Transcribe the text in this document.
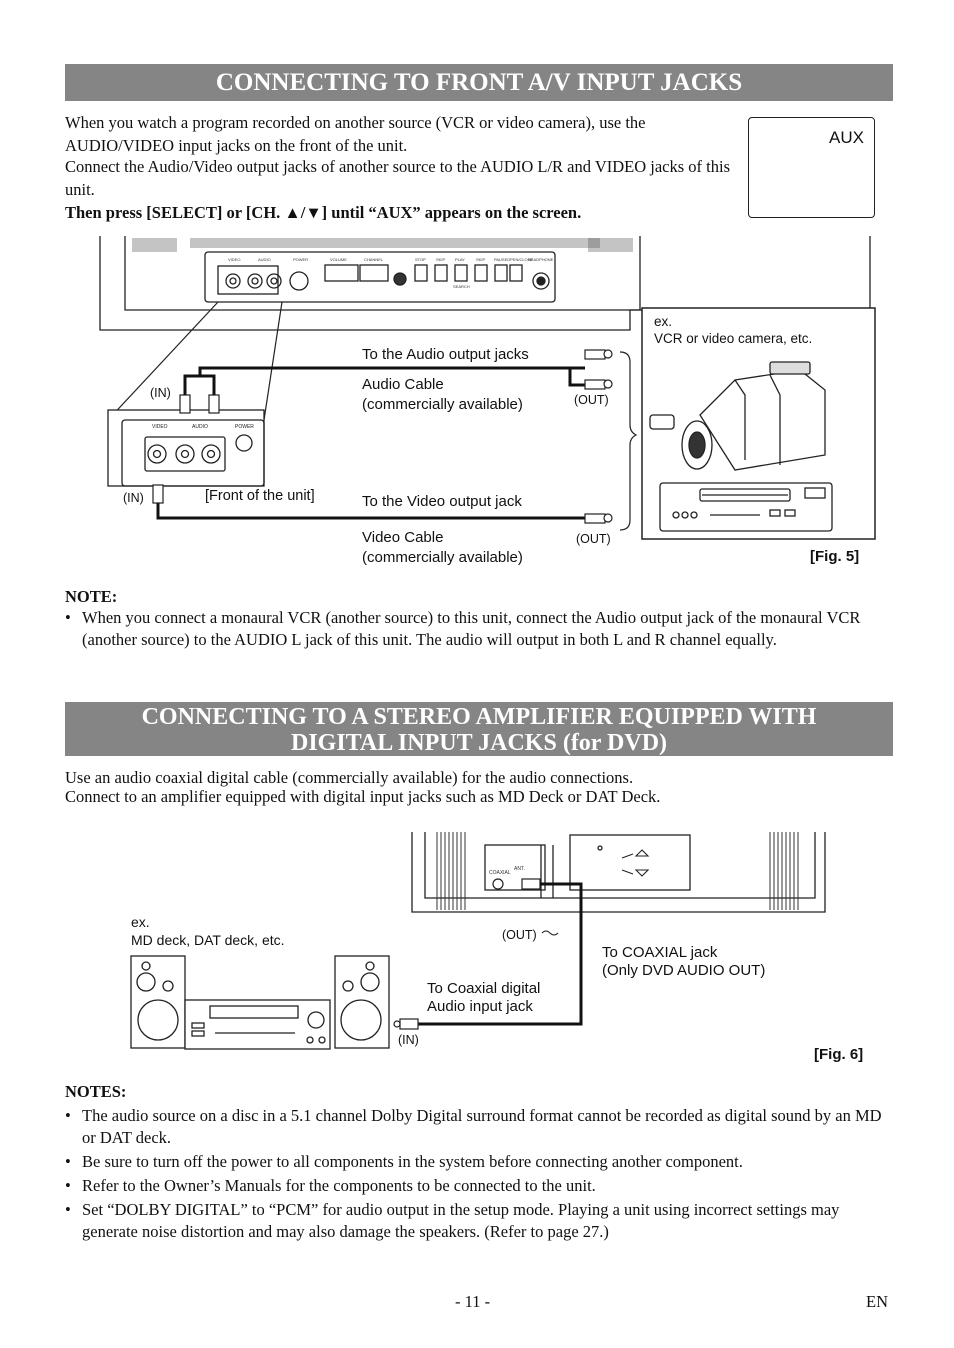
CONNECTING TO FRONT A/V INPUT JACKS
When you watch a program recorded on another source (VCR or video camera), use the AUDIO/VIDEO input jacks on the front of the unit.
Connect the Audio/Video output jacks of another source to the AUDIO L/R and VIDEO jacks of this unit.
Then press [SELECT] or [CH. ▲/▼] until “AUX” appears on the screen.
AUX
VIDEO	AUDIO	POWER	VOLUME	CHANNEL	STOP	SKIP PLAY	SKIP PAUSE OPEN/CLOSE
HEADPHONE
SEARCH
VIDEO	AUDIO	POWER
(IN)
(IN)	[Front of the unit]
To the Audio output jacks
Audio Cable
(commercially available)	(OUT)
To the Video output jack
Video Cable
(commercially available)
(OUT)
ex.
VCR or video camera, etc.
[Fig. 5]
NOTE:
• When you connect a monaural VCR (another source) to this unit, connect the Audio output jack of the monaural VCR (another source) to the AUDIO L jack of this unit. The audio will output in both L and R channel equally.
CONNECTING TO A STEREO AMPLIFIER EQUIPPED WITH
DIGITAL INPUT JACKS (for DVD)
Use an audio coaxial digital cable (commercially available) for the audio connections.
Connect to an amplifier equipped with digital input jacks such as MD Deck or DAT Deck.
COAXIAL
ANT.
ex.
MD deck, DAT deck, etc.	(OUT)
To COAXIAL jack
(Only DVD AUDIO OUT)
To Coaxial digital
Audio input jack
(IN)
[Fig. 6]
NOTES:
• The audio source on a disc in a 5.1 channel Dolby Digital surround format cannot be recorded as digital sound by an MD or DAT deck.
• Be sure to turn off the power to all components in the system before connecting another component.
• Refer to the Owner’s Manuals for the components to be connected to the unit.
• Set “DOLBY DIGITAL” to “PCM” for audio output in the setup mode. Playing a unit using incorrect settings may generate noise distortion and may also damage the speakers. (Refer to page 27.)
- 11 -	EN
